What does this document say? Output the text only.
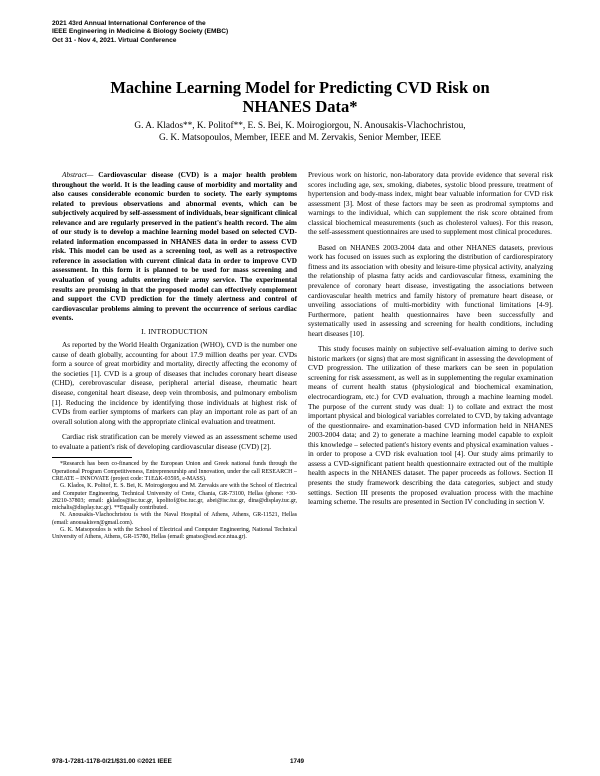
2021 43rd Annual International Conference of the
IEEE Engineering in Medicine & Biology Society (EMBC)
Oct 31 - Nov 4, 2021. Virtual Conference
Machine Learning Model for Predicting CVD Risk on
NHANES Data*
G. A. Klados**, K. Politof**, E. S. Bei, K. Moirogiorgou, N. Anousakis-Vlachochristou,
G. K. Matsopoulos, Member, IEEE and M. Zervakis, Senior Member, IEEE

Abstract— Cardiovascular disease (CVD) is a major health problem throughout the world. It is the leading cause of morbidity and mortality and also causes considerable economic burden to society. The early symptoms related to previous observations and abnormal events, which can be subjectively acquired by self-assessment of individuals, bear significant clinical relevance and are regularly preserved in the patient's health record. The aim of our study is to develop a machine learning model based on selected CVD-related information encompassed in NHANES data in order to assess CVD risk. This model can be used as a screening tool, as well as a retrospective reference in association with current clinical data in order to improve CVD assessment. In this form it is planned to be used for mass screening and evaluation of young adults entering their army service. The experimental results are promising in that the proposed model can effectively complement and support the CVD prediction for the timely alertness and control of cardiovascular problems aiming to prevent the occurrence of serious cardiac events.

I. INTRODUCTION

As reported by the World Health Organization (WHO), CVD is the number one cause of death globally, accounting for about 17.9 million deaths per year. CVDs form a source of great morbidity and mortality, directly affecting the economy of the societies [1]. CVD is a group of diseases that includes coronary heart disease (CHD), cerebrovascular disease, peripheral arterial disease, rheumatic heart disease, congenital heart disease, deep vein thrombosis, and pulmonary embolism [1]. Reducing the incidence by identifying those individuals at highest risk of CVDs from earlier symptoms of markers can play an important role as part of an overall solution along with the appropriate clinical evaluation and treatment.

Cardiac risk stratification can be merely viewed as an assessment scheme used to evaluate a patient's risk of developing cardiovascular disease (CVD) [2].

*Research has been co-financed by the European Union and Greek national funds through the Operational Program Competitiveness, Entrepreneurship and Innovation, under the call RESEARCH – CREATE – INNOVATE (project code: T1EΔK-03595, e-MASS).

G. Klados, K. Politof, E. S. Bei, K. Moirogiorgou and M. Zervakis are with the School of Electrical and Computer Engineering, Technical University of Crete, Chania, GR-73100, Hellas (phone: +30-28210-37803; email: gklados@isc.tuc.gr, kpolitof@isc.tuc.gr, abei@isc.tuc.gr, dina@display.tuc.gr, michalis@display.tuc.gr). **Equally contributed.

N. Anousakis-Vlachochristou is with the Naval Hospital of Athens, Athens, GR-11521, Hellas (email: anousakisvn@gmail.com).

G. K. Matsopoulos is with the School of Electrical and Computer Engineering, National Technical University of Athens, Athens, GR-15780, Hellas (email: gmatso@esd.ece.ntua.gr).

Previous work on historic, non-laboratory data provide evidence that several risk scores including age, sex, smoking, diabetes, systolic blood pressure, treatment of hypertension and body-mass index, might bear valuable information for CVD risk assessment [3]. Most of these factors may be seen as prodromal symptoms and warnings to the individual, which can supplement the risk score obtained from classical biochemical measurements (such as cholesterol values). For this reason, the self-assessment questionnaires are used to supplement most clinical procedures.

Based on NHANES 2003-2004 data and other NHANES datasets, previous work has focused on issues such as exploring the distribution of cardiorespiratory fitness and its association with obesity and leisure-time physical activity, analyzing the relationship of plasma fatty acids and cardiovascular fitness, examining the prevalence of coronary heart disease, investigating the associations between cardiovascular health metrics and family history of premature heart disease, or unveiling associations of multi-morbidity with functional limitations [4-9]. Furthermore, patient health questionnaires have been successfully and systematically used in assessing and screening for health conditions, including heart diseases [10].

This study focuses mainly on subjective self-evaluation aiming to derive such historic markers (or signs) that are most significant in assessing the development of CVD progression. The utilization of these markers can be seen in population screening for risk assessment, as well as in supplementing the regular examination means of current health status (physiological and biochemical examination, electrocardiogram, etc.) for CVD evaluation, through a machine learning model. The purpose of the current study was dual: 1) to collate and extract the most important physical and biological variables correlated to CVD, by taking advantage of the questionnaire- and examination-based CVD information held in NHANES 2003-2004 data; and 2) to generate a machine learning model capable to exploit this knowledge – selected patient's history events and physical examination values - in order to propose a CVD risk evaluation tool [4]. Our study aims primarily to assess a CVD-significant patient health questionnaire extracted out of the multiple health aspects in the NHANES dataset. The paper proceeds as follows. Section II presents the study framework describing the data categories, subject and study settings. Section III presents the proposed evaluation process with the machine learning scheme. The results are presented in Section IV concluding in section V.

978-1-7281-1178-0/21/$31.00 ©2021 IEEE	1749
